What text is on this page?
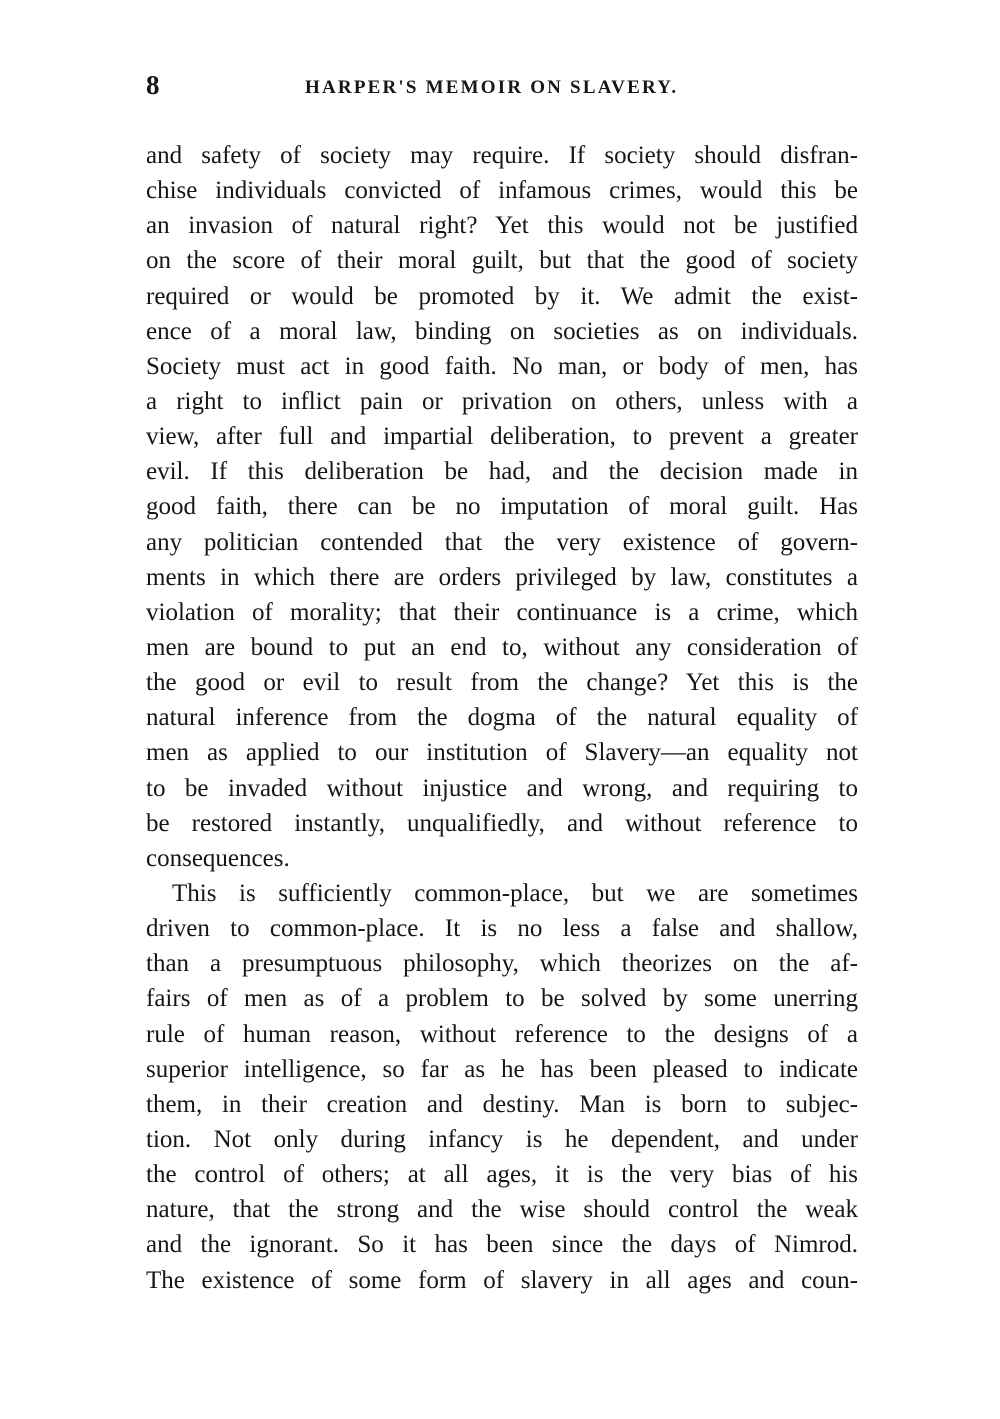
8	HARPER'S MEMOIR ON SLAVERY.
and safety of society may require. If society should disfran-
chise individuals convicted of infamous crimes, would this be
an invasion of natural right? Yet this would not be justified
on the score of their moral guilt, but that the good of society
required or would be promoted by it. We admit the exist-
ence of a moral law, binding on societies as on individuals.
Society must act in good faith. No man, or body of men, has
a right to inflict pain or privation on others, unless with a
view, after full and impartial deliberation, to prevent a greater
evil. If this deliberation be had, and the decision made in
good faith, there can be no imputation of moral guilt. Has
any politician contended that the very existence of govern-
ments in which there are orders privileged by law, constitutes a
violation of morality; that their continuance is a crime, which
men are bound to put an end to, without any consideration of
the good or evil to result from the change? Yet this is the
natural inference from the dogma of the natural equality of
men as applied to our institution of Slavery—an equality not
to be invaded without injustice and wrong, and requiring to
be restored instantly, unqualifiedly, and without reference to
consequences.
This is sufficiently common-place, but we are sometimes
driven to common-place. It is no less a false and shallow,
than a presumptuous philosophy, which theorizes on the af-
fairs of men as of a problem to be solved by some unerring
rule of human reason, without reference to the designs of a
superior intelligence, so far as he has been pleased to indicate
them, in their creation and destiny. Man is born to subjec-
tion. Not only during infancy is he dependent, and under
the control of others; at all ages, it is the very bias of his
nature, that the strong and the wise should control the weak
and the ignorant. So it has been since the days of Nimrod.
The existence of some form of slavery in all ages and coun-
